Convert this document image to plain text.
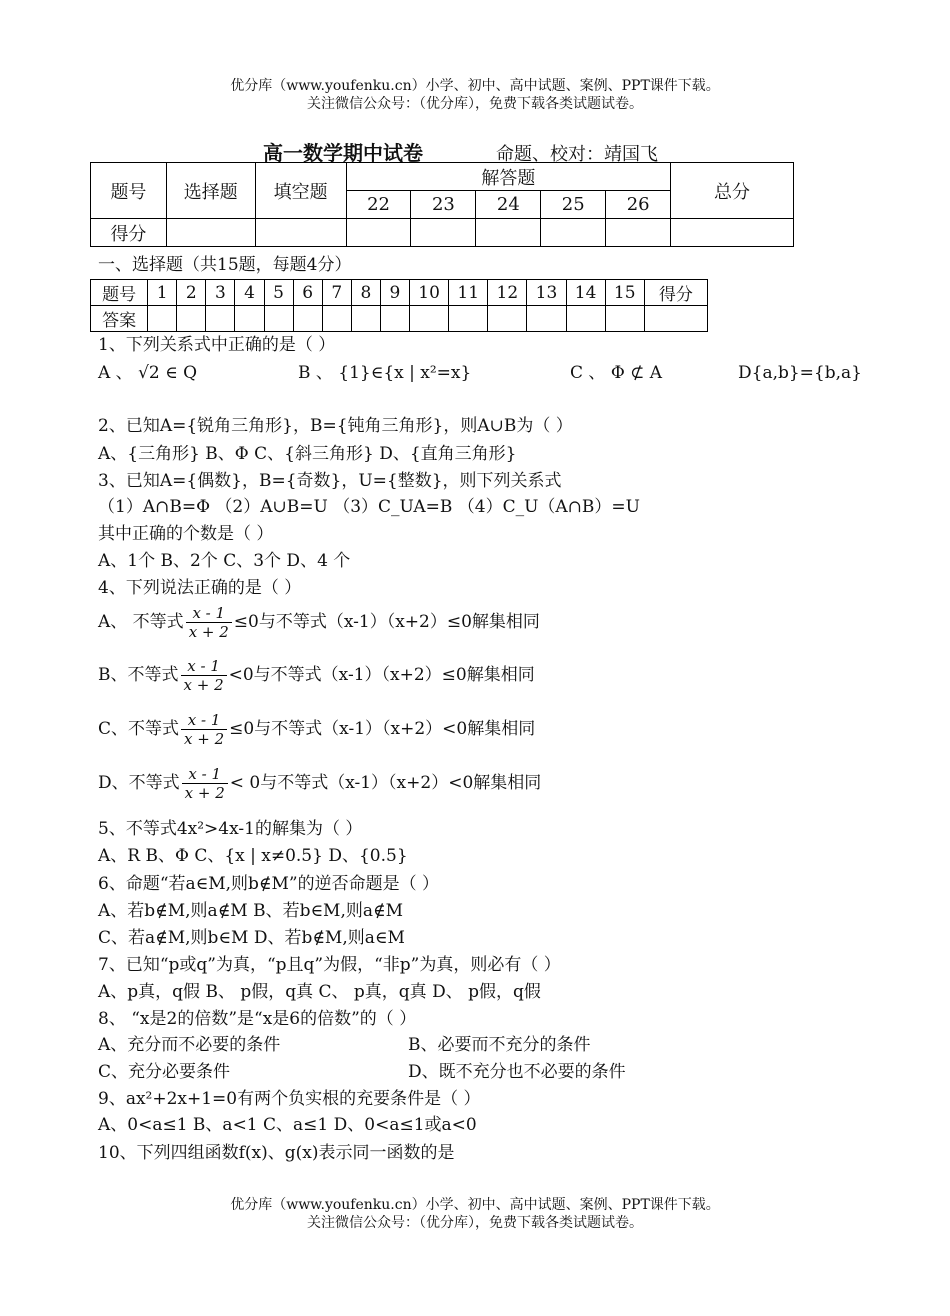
优分库（www.youfenku.cn）小学、初中、高中试题、案例、PPT课件下载。
关注微信公众号：（优分库），免费下载各类试题试卷。
高一数学期中试卷	命题、校对：靖国飞
题号	选择题	填空题	解答题					总分
			22	23	24	25	26	
得分								
一、选择题（共15题，每题4分）
题号	1	2	3	4	5	6	7	8	9	10	11	12	13	14	15	得分
答案																
1、下列关系式中正确的是（ ）
A 、 √2 ∈ Q	B 、 {1}∈{x | x²=x}	C 、 Φ ⊄ A	D{a,b}={b,a}
2、已知A={锐角三角形}，B={钝角三角形}，则A∪B为（ ）
A、{三角形} B、Φ C、{斜三角形} D、{直角三角形}
3、已知A={偶数}，B={奇数}，U={整数}，则下列关系式
（1）A∩B=Φ （2）A∪B=U （3）C_UA=B （4）C_U（A∩B）=U
其中正确的个数是（ ）
A、1个 B、2个 C、3个 D、4 个
4、下列说法正确的是（ ）
A、 不等式 $\frac{x - 1}{x + 2} \le 0$与不等式（x-1）（x+2）≤0解集相同
B、不等式 $\frac{x - 1}{x + 2} <0$与不等式（x-1）（x+2）≤0解集相同
C、不等式 $\frac{x - 1}{x + 2} \le 0$与不等式（x-1）（x+2）<0解集相同
D、不等式 $\frac{x - 1}{x + 2} < 0$与不等式（x-1）（x+2）<0解集相同
5、不等式4x²>4x-1的解集为（ ）
A、R B、Φ C、{x | x≠0.5} D、{0.5}
6、命题“若a∈M,则b∉M”的逆否命题是（ ）
A、若b∉M,则a∉M B、若b∈M,则a∉M
C、若a∉M,则b∈M D、若b∉M,则a∈M
7、已知“p或q”为真，“p且q”为假，“非p”为真，则必有（ ）
A、p真，q假 B、 p假，q真 C、 p真，q真 D、 p假，q假
8、 “x是2的倍数”是“x是6的倍数”的（ ）
A、充分而不必要的条件	B、必要而不充分的条件
C、充分必要条件	D、既不充分也不必要的条件
9、ax²+2x+1=0有两个负实根的充要条件是（ ）
A、0<a≤1 B、a<1 C、a≤1 D、0<a≤1或a<0
10、下列四组函数f(x)、g(x)表示同一函数的是
优分库（www.youfenku.cn）小学、初中、高中试题、案例、PPT课件下载。
关注微信公众号：（优分库），免费下载各类试题试卷。
